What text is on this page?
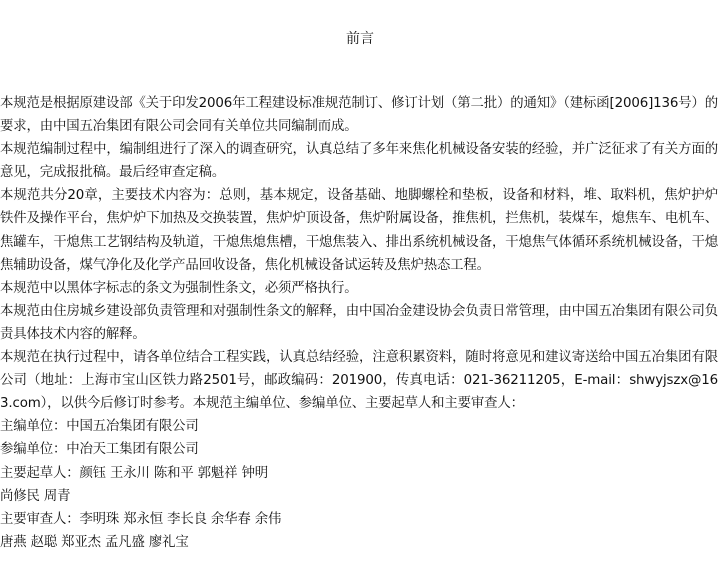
前言

本规范是根据原建设部《关于印发2006年工程建设标准规范制订、修订计划（第二批）的通知》（建标函[2006]136号）的要求，由中国五冶集团有限公司会同有关单位共同编制而成。

本规范编制过程中，编制组进行了深入的调查研究，认真总结了多年来焦化机械设备安装的经验，并广泛征求了有关方面的意见，完成报批稿。最后经审查定稿。

本规范共分20章，主要技术内容为：总则，基本规定，设备基础、地脚螺栓和垫板，设备和材料，堆、取料机，焦炉护炉铁件及操作平台，焦炉炉下加热及交换装置，焦炉炉顶设备，焦炉附属设备，推焦机，拦焦机，装煤车，熄焦车、电机车、焦罐车，干熄焦工艺钢结构及轨道，干熄焦熄焦槽，干熄焦装入、排出系统机械设备，干熄焦气体循环系统机械设备，干熄焦辅助设备，煤气净化及化学产品回收设备，焦化机械设备试运转及焦炉热态工程。

本规范中以黑体字标志的条文为强制性条文，必须严格执行。

本规范由住房城乡建设部负责管理和对强制性条文的解释，由中国冶金建设协会负责日常管理，由中国五冶集团有限公司负责具体技术内容的解释。

本规范在执行过程中，请各单位结合工程实践，认真总结经验，注意积累资料，随时将意见和建议寄送给中国五冶集团有限公司（地址：上海市宝山区铁力路2501号，邮政编码：201900，传真电话：021-36211205，E-mail：shwyjszx@163.com），以供今后修订时参考。本规范主编单位、参编单位、主要起草人和主要审查人：

主编单位：中国五冶集团有限公司

参编单位：中冶天工集团有限公司

主要起草人：颜钰 王永川 陈和平 郭魁祥 钟明

尚修民 周青

主要审查人：李明珠 郑永恒 李长良 余华春 余伟

唐燕 赵聪 郑亚杰 孟凡盛 廖礼宝
